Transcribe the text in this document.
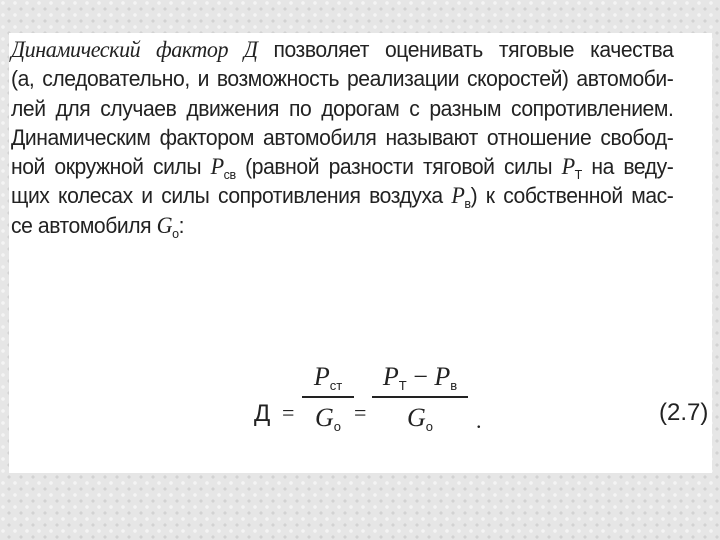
Динамический фактор Д позволяет оценивать тяговые качества
(а, следовательно, и возможность реализации скоростей) автомоби-
лей для случаев движения по дорогам с разным сопротивлением.
Динамическим фактором автомобиля называют отношение свобод-
ной окружной силы $P_{св}$ (равной разности тяговой силы $P_Т$ на веду-
щих колесах и силы сопротивления воздуха $P_в$) к собственной мас-
се автомобиля $G_о$:
Д =
Pст
Gо
=
PТ − Pв
Gо	.	(2.7)
